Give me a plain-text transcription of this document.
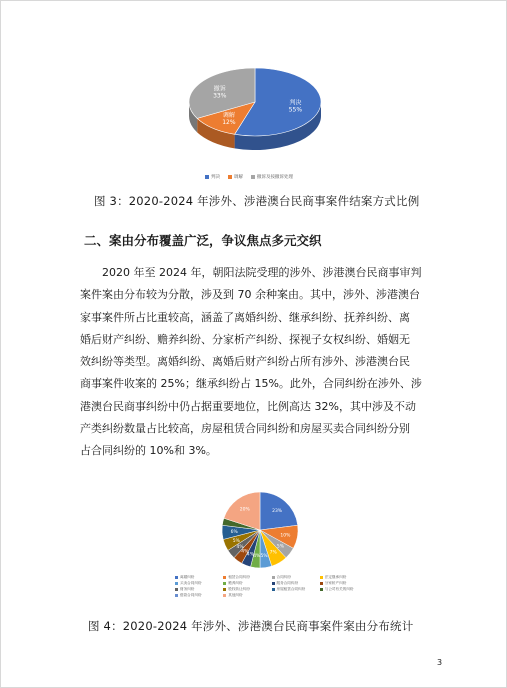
判决
55%
调解
12%
撤诉
33%
判决	调解	撤诉及按撤诉处理
图 3：2020-2024 年涉外、涉港澳台民商事案件结案方式比例
二、案由分布覆盖广泛，争议焦点多元交织
　　2020 年至 2024 年，朝阳法院受理的涉外、涉港澳台民商事审判
案件案由分布较为分散，涉及到 70 余种案由。其中，涉外、涉港澳台
家事案件所占比重较高，涵盖了离婚纠纷、继承纠纷、抚养纠纷、离
婚后财产纠纷、赡养纠纷、分家析产纠纷、探视子女权纠纷、婚姻无
效纠纷等类型。离婚纠纷、离婚后财产纠纷占所有涉外、涉港澳台民
商事案件收案的 25%；继承纠纷占 15%。此外，合同纠纷在涉外、涉
港澳台民商事纠纷中仍占据重要地位，比例高达 32%，其中涉及不动
产类纠纷数量占比较高，房屋租赁合同纠纷和房屋买卖合同纠纷分别
占合同纠纷的 10%和 3%。
23%
10%
5%
7%
5%
4%
4%
4%
4%
5%
6%
20%
离婚纠纷	租赁合同纠纷	合同纠纷	法定继承纠纷
买卖合同纠纷	赡养纠纷	服务合同纠纷	分家析产纠纷
财务纠纷	股权转让纠纷	房屋租赁合同纠纷	与公司有关的纠纷
借款合同纠纷	其他纠纷
图 4：2020-2024 年涉外、涉港澳台民商事案件案由分布统计
3
